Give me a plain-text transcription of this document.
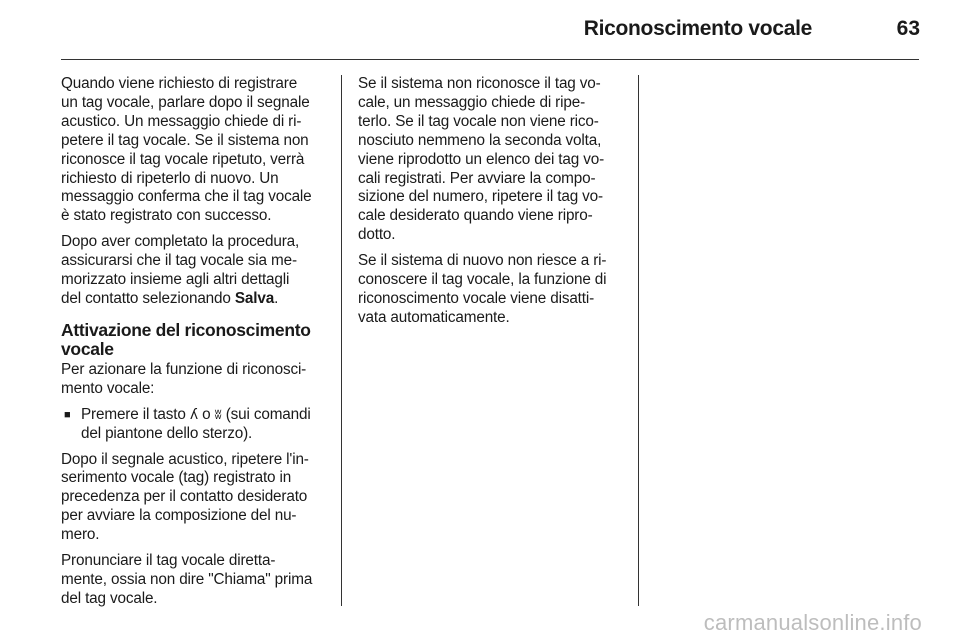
Riconoscimento vocale	63

Quando viene richiesto di registrare
un tag vocale, parlare dopo il segnale
acustico. Un messaggio chiede di ri-
petere il tag vocale. Se il sistema non
riconosce il tag vocale ripetuto, verrà
richiesto di ripeterlo di nuovo. Un
messaggio conferma che il tag vocale
è stato registrato con successo.

Dopo aver completato la procedura,
assicurarsi che il tag vocale sia me-
morizzato insieme agli altri dettagli
del contatto selezionando Salva.

Attivazione del riconoscimento
vocale

Per azionare la funzione di riconosci-
mento vocale:

■ Premere il tasto ʎ o ʬ (sui comandi
del piantone dello sterzo).

Dopo il segnale acustico, ripetere l'in-
serimento vocale (tag) registrato in
precedenza per il contatto desiderato
per avviare la composizione del nu-
mero.

Pronunciare il tag vocale diretta-
mente, ossia non dire "Chiama" prima
del tag vocale.

Se il sistema non riconosce il tag vo-
cale, un messaggio chiede di ripe-
terlo. Se il tag vocale non viene rico-
nosciuto nemmeno la seconda volta,
viene riprodotto un elenco dei tag vo-
cali registrati. Per avviare la compo-
sizione del numero, ripetere il tag vo-
cale desiderato quando viene ripro-
dotto.

Se il sistema di nuovo non riesce a ri-
conoscere il tag vocale, la funzione di
riconoscimento vocale viene disatti-
vata automaticamente.

carmanualsonline.info
